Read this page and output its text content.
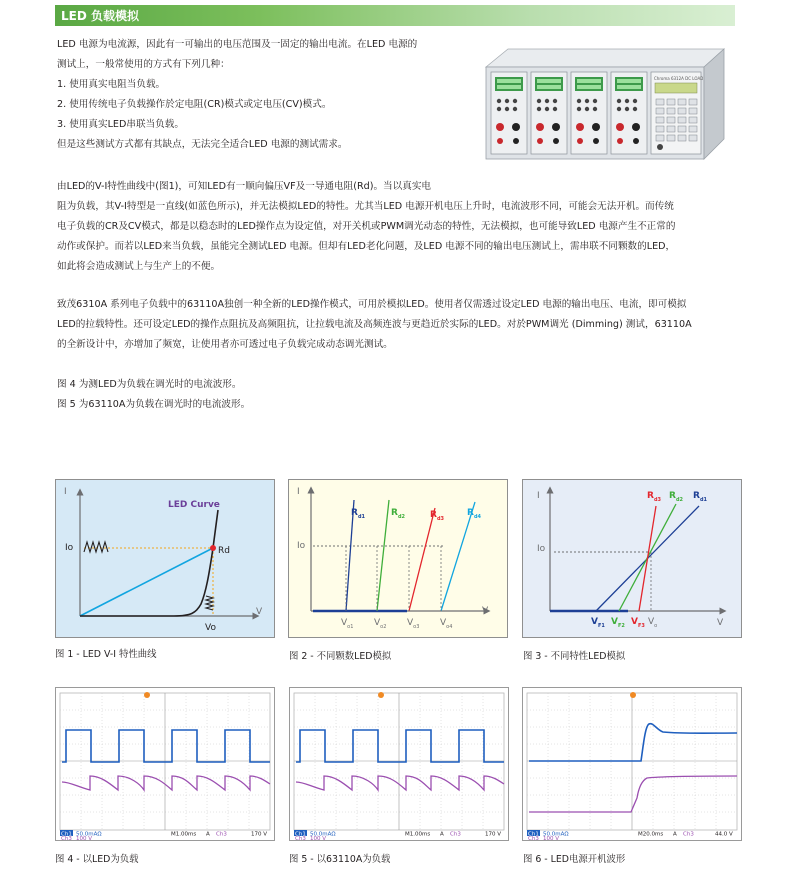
LED 负载模拟
LED 电源为电流源，因此有一可输出的电压范围及一固定的输出电流。在LED 电源的
测试上，一般常使用的方式有下列几种：
1. 使用真实电阻当负载。
2. 使用传统电子负载操作於定电阻(CR)模式或定电压(CV)模式。
3. 使用真实LED串联当负载。
但是这些测试方式都有其缺点，无法完全适合LED 电源的测试需求。
Chroma 6312A DC LOAD
由LED的V-I特性曲线中(图1)，可知LED有一顺向偏压VF及一导通电阻(Rd)。当以真实电
阻为负载，其V-I特型是一直线(如蓝色所示)，并无法模拟LED的特性。尤其当LED 电源开机电压上升时，电流波形不同，可能会无法开机。而传统
电子负载的CR及CV模式，都是以稳态时的LED操作点为设定值，对开关机或PWM调光动态的特性，无法模拟，也可能导致LED 电源产生不正常的
动作或保护。而若以LED来当负载，虽能完全测试LED 电源。但却有LED老化问题，及LED 电源不同的输出电压测试上，需串联不同颗数的LED，
如此将会造成测试上与生产上的不便。
致茂6310A 系列电子负载中的63110A独创一种全新的LED操作模式，可用於模拟LED。使用者仅需透过设定LED 电源的输出电压、电流，即可模拟
LED的拉载特性。还可设定LED的操作点阻抗及高频阻抗，让拉载电流及高频连波与更趋近於实际的LED。对於PWM调光 (Dimming) 测试，63110A
的全新设计中，亦增加了频宽，让使用者亦可透过电子负载完成动态调光测试。
图 4 为测LED为负载在调光时的电流波形。
图 5 为63110A为负载在调光时的电流波形。
I
V
LED Curve
Io	Rd
Vo
图 1 - LED V-I 特性曲线
I
V
Io
$R_{d1}$	$R_{d2}$	$R_{d3}$
$R_{d4}$
$V_{o1}$ $V_{o2}$ $V_{o3}$ $V_{o4}$
图 2 - 不同颗数LED模拟
I
V
Io
$R_{d3}$ $R_{d2}$ $R_{d1}$
$V_{F1}$ $V_{F2}$ $V_{F3}$ $V_o$
图 3 - 不同特性LED模拟
Ch1 50.0mAΩ
Ch3 100 V
M1.00ms A Ch3	170 V
图 4 - 以LED为负载
Ch1 50.0mAΩ
Ch3 100 V
M1.00ms A Ch3	170 V
图 5 - 以63110A为负载
Ch1 50.0mAΩ
Ch3 100 V
M20.0ms A Ch3	44.0 V
图 6 - LED电源开机波形
